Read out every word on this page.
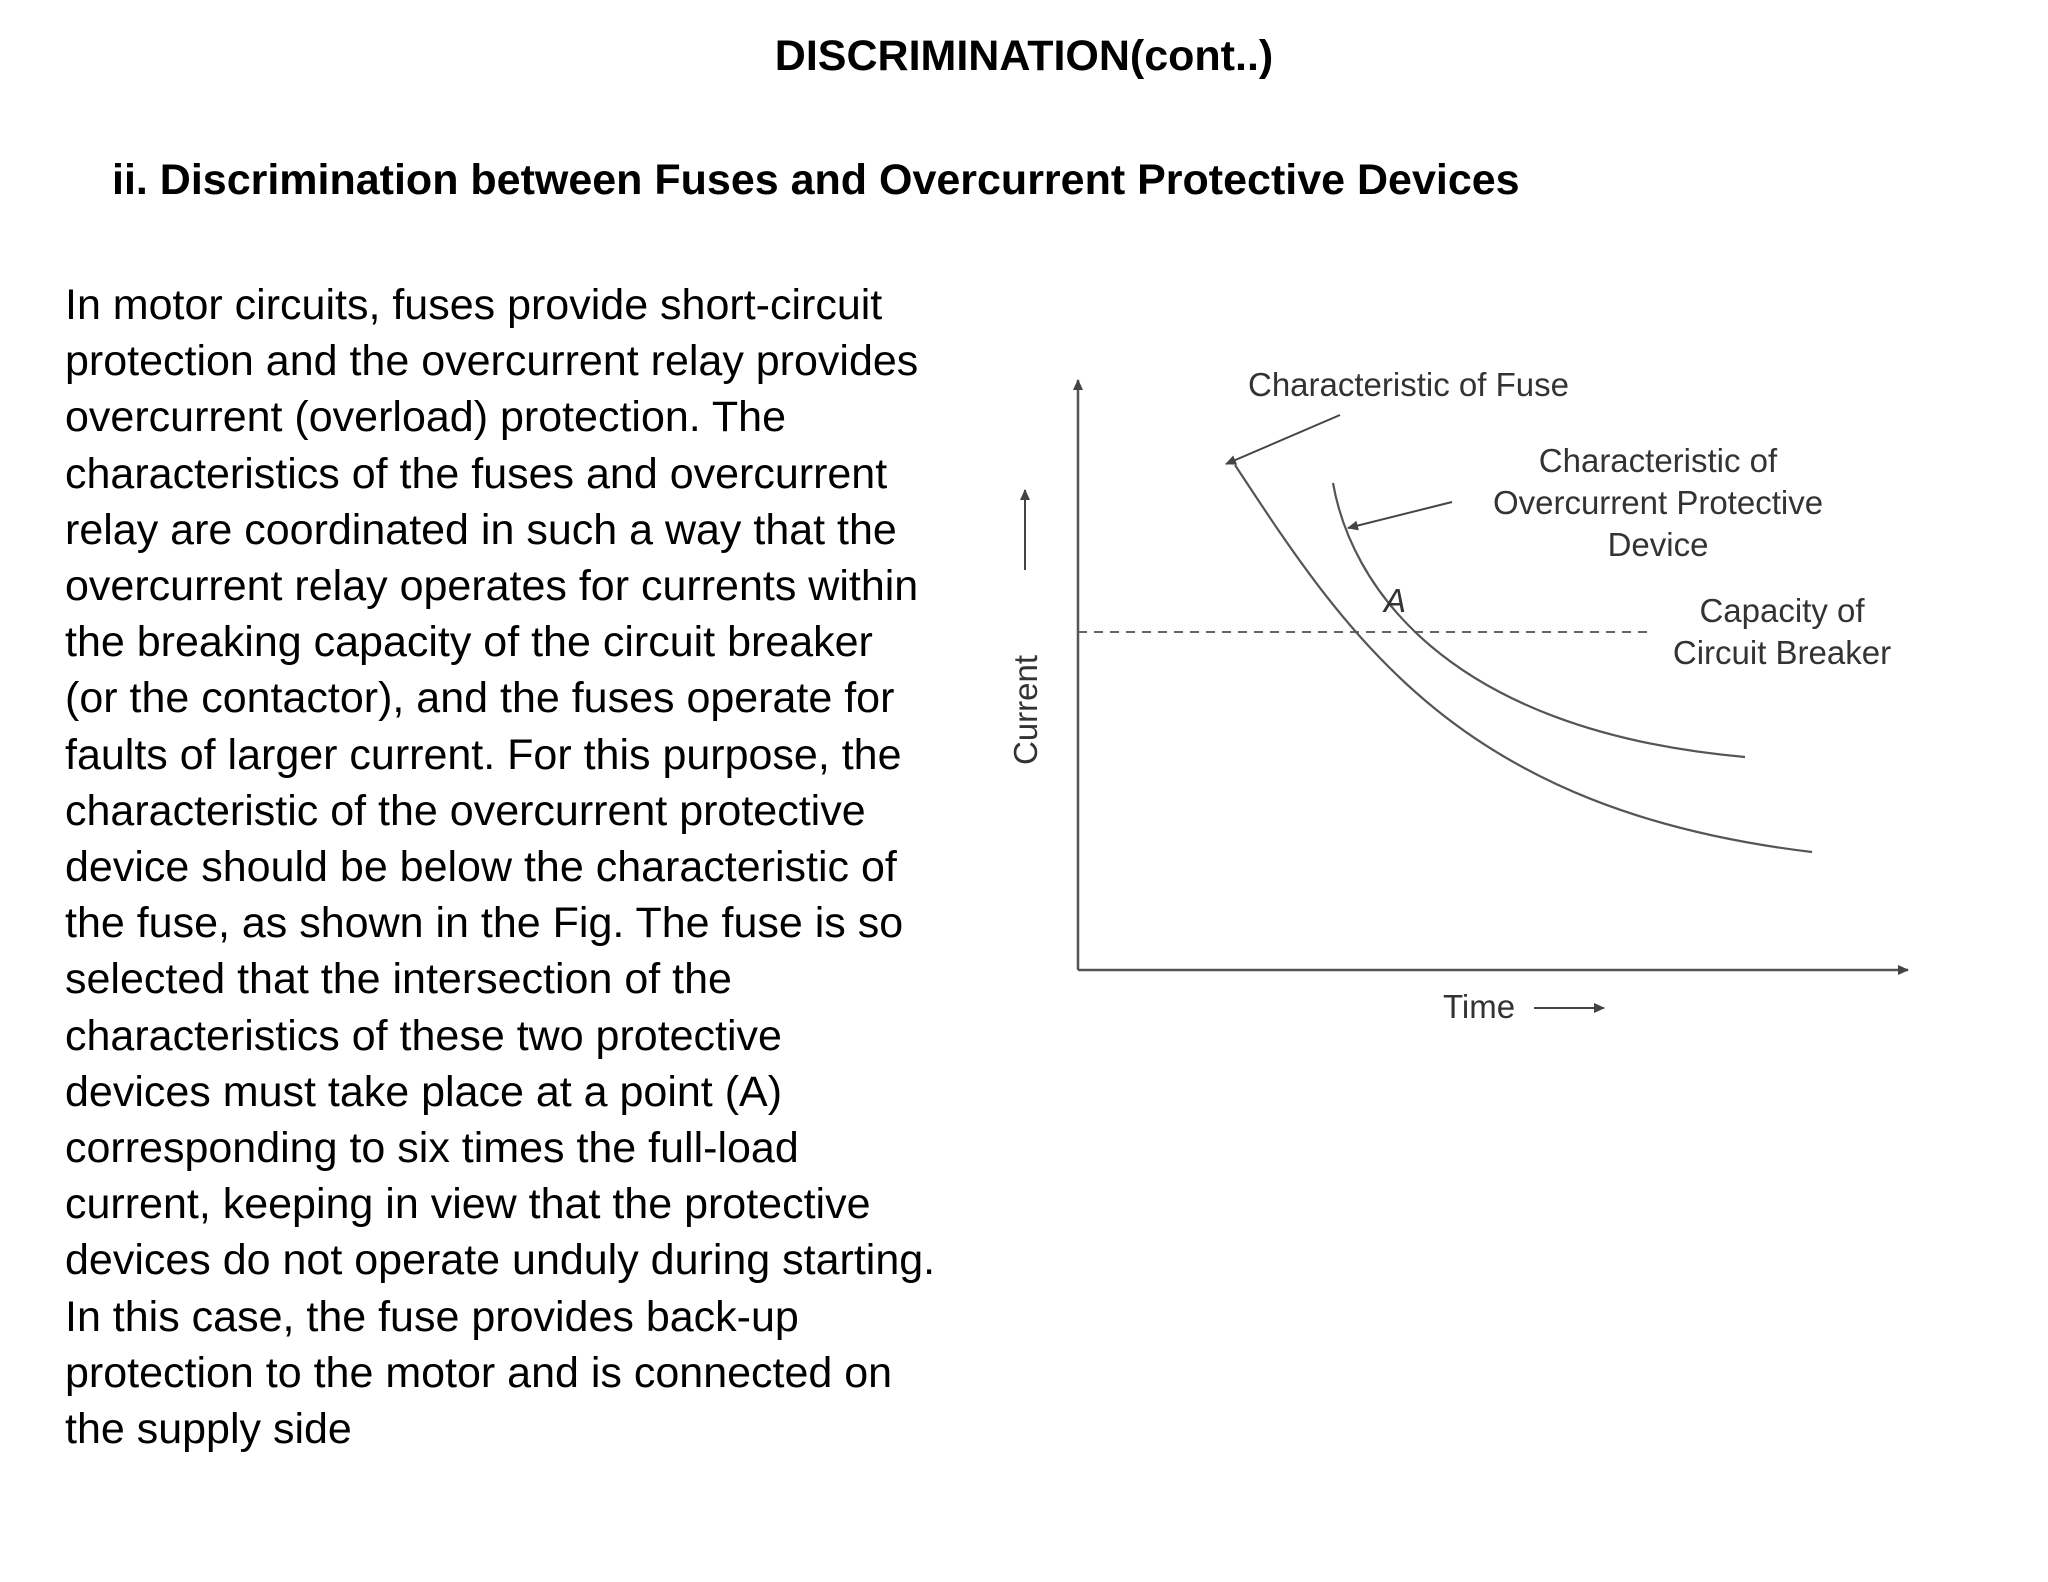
DISCRIMINATION(cont..)
ii. Discrimination between Fuses and Overcurrent Protective Devices
In motor circuits, fuses provide short-circuit
protection and the overcurrent relay provides
overcurrent (overload) protection. The
characteristics of the fuses and overcurrent
relay are coordinated in such a way that the
overcurrent relay operates for currents within
the breaking capacity of the circuit breaker
(or the contactor), and the fuses operate for
faults of larger current. For this purpose, the
characteristic of the overcurrent protective
device should be below the characteristic of
the fuse, as shown in the Fig. The fuse is so
selected that the intersection of the
characteristics of these two protective
devices must take place at a point (A)
corresponding to six times the full-load
current, keeping in view that the protective
devices do not operate unduly during starting.
In this case, the fuse provides back-up
protection to the motor and is connected on
the supply side
Characteristic of Fuse
Characteristic of
Overcurrent Protective
Device
A	Capacity of
Circuit Breaker
Time
Current
